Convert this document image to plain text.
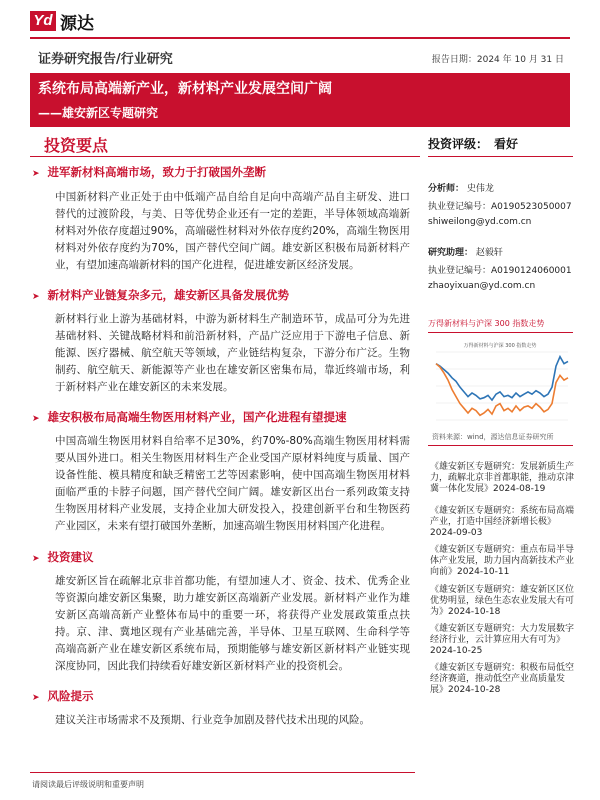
Yd 源达
证券研究报告/行业研究	报告日期：2024 年 10 月 31 日
系统布局高端新产业，新材料产业发展空间广阔
——雄安新区专题研究
投资要点	投资评级：　看好
➤ 进军新材料高端市场，致力于打破国外垄断
中国新材料产业正处于由中低端产品自给自足向中高端产品自主研发、进口替代的过渡阶段，与美、日等优势企业还有一定的差距，半导体领域高端新材料对外依存度超过90%，高端磁性材料对外依存度约20%，高端生物医用材料对外依存度约为70%，国产替代空间广阔。雄安新区积极布局新材料产业，有望加速高端新材料的国产化进程，促进雄安新区经济发展。
➤ 新材料产业链复杂多元，雄安新区具备发展优势
新材料行业上游为基础材料，中游为新材料生产制造环节，成品可分为先进基础材料、关键战略材料和前沿新材料，产品广泛应用于下游电子信息、新能源、医疗器械、航空航天等领域，产业链结构复杂，下游分布广泛。生物制药、航空航天、新能源等产业也在雄安新区密集布局，靠近终端市场，利于新材料产业在雄安新区的未来发展。
➤ 雄安积极布局高端生物医用材料产业，国产化进程有望提速
中国高端生物医用材料自给率不足30%，约70%-80%高端生物医用材料需要从国外进口。相关生物医用材料生产企业受国产原材料纯度与质量、国产设备性能、模具精度和缺乏精密工艺等因素影响，使中国高端生物医用材料面临严重的卡脖子问题，国产替代空间广阔。雄安新区出台一系列政策支持生物医用材料产业发展，支持企业加大研发投入，投建创新平台和生物医药产业园区，未来有望打破国外垄断，加速高端生物医用材料国产化进程。
➤ 投资建议
雄安新区旨在疏解北京非首都功能，有望加速人才、资金、技术、优秀企业等资源向雄安新区集聚，助力雄安新区高端新产业发展。新材料产业作为雄安新区高端高新产业整体布局中的重要一环，将获得产业发展政策重点扶持。京、津、冀地区现有产业基础完善，半导体、卫星互联网、生命科学等高端高新产业在雄安新区系统布局，预期能够与雄安新区新材料产业链实现深度协同，因此我们持续看好雄安新区新材料产业的投资机会。
➤ 风险提示
建议关注市场需求不及预期、行业竞争加剧及替代技术出现的风险。
分析师： 史伟龙
执业登记编号：A0190523050007
shiweilong@yd.com.cn
研究助理： 赵毅轩
执业登记编号：A0190124060001
zhaoyixuan@yd.com.cn
万得新材料与沪深 300 指数走势
万得新材料与沪深 300 指数走势
资料来源：wind，源达信息证券研究所
《雄安新区专题研究：发展新质生产力，疏解北京非首都职能，推动京津冀一体化发展》2024-08-19
《雄安新区专题研究：系统布局高端产业，打造中国经济新增长极》2024-09-03
《雄安新区专题研究：重点布局半导体产业发展，助力国内高新技术产业向前》2024-10-11
《雄安新区专题研究：雄安新区区位优势明显，绿色生态农业发展大有可为》2024-10-18
《雄安新区专题研究：大力发展数字经济行业，云计算应用大有可为》2024-10-25
《雄安新区专题研究：积极布局低空经济赛道，推动低空产业高质量发展》2024-10-28
请阅读最后评级说明和重要声明
